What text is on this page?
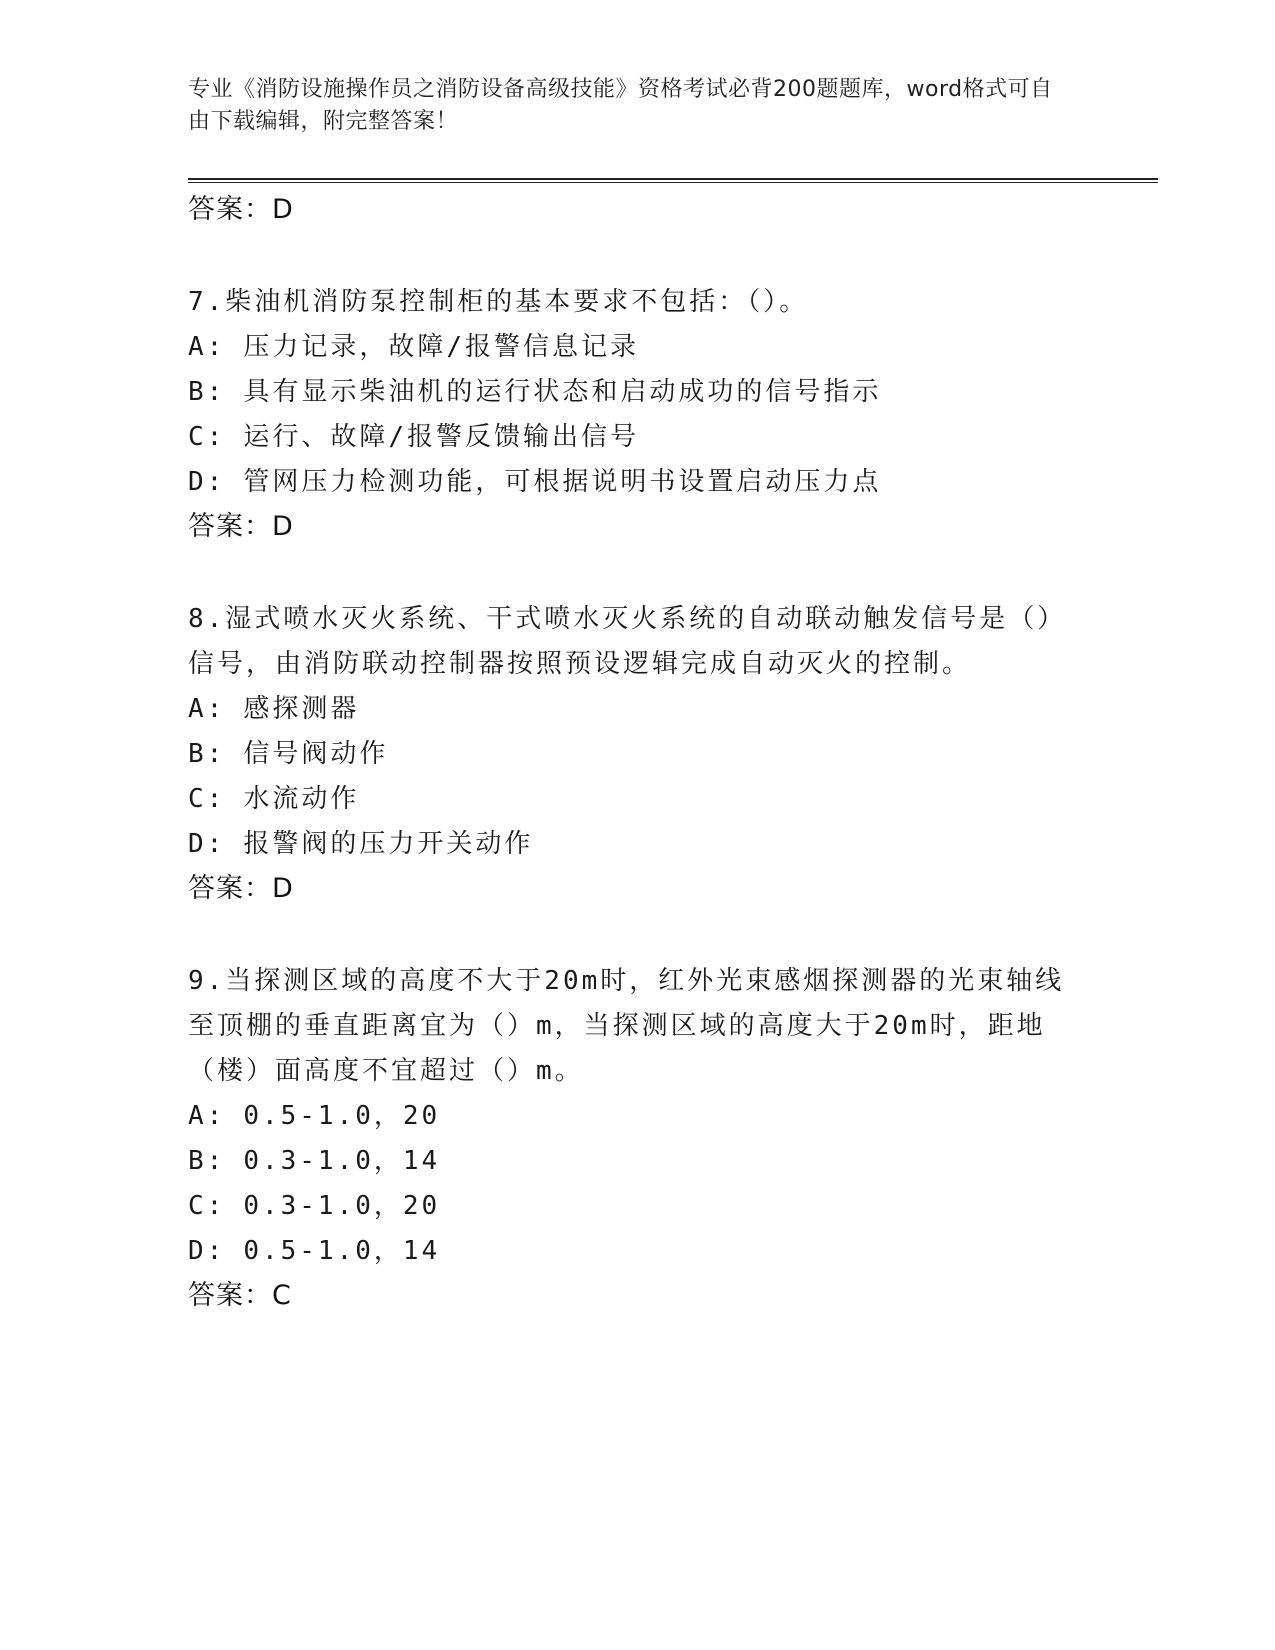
专业《消防设施操作员之消防设备高级技能》资格考试必背200题题库，word格式可自由下载编辑，附完整答案！
答案：D
7.柴油机消防泵控制柜的基本要求不包括：（）。
A: 压力记录，故障/报警信息记录
B: 具有显示柴油机的运行状态和启动成功的信号指示
C: 运行、故障/报警反馈输出信号
D: 管网压力检测功能，可根据说明书设置启动压力点
答案：D
8.湿式喷水灭火系统、干式喷水灭火系统的自动联动触发信号是（）信号，由消防联动控制器按照预设逻辑完成自动灭火的控制。
A: 感探测器
B: 信号阀动作
C: 水流动作
D: 报警阀的压力开关动作
答案：D
9.当探测区域的高度不大于20m时，红外光束感烟探测器的光束轴线至顶棚的垂直距离宜为（）m，当探测区域的高度大于20m时，距地（楼）面高度不宜超过（）m。
A: 0.5-1.0，20
B: 0.3-1.0，14
C: 0.3-1.0，20
D: 0.5-1.0，14
答案：C
